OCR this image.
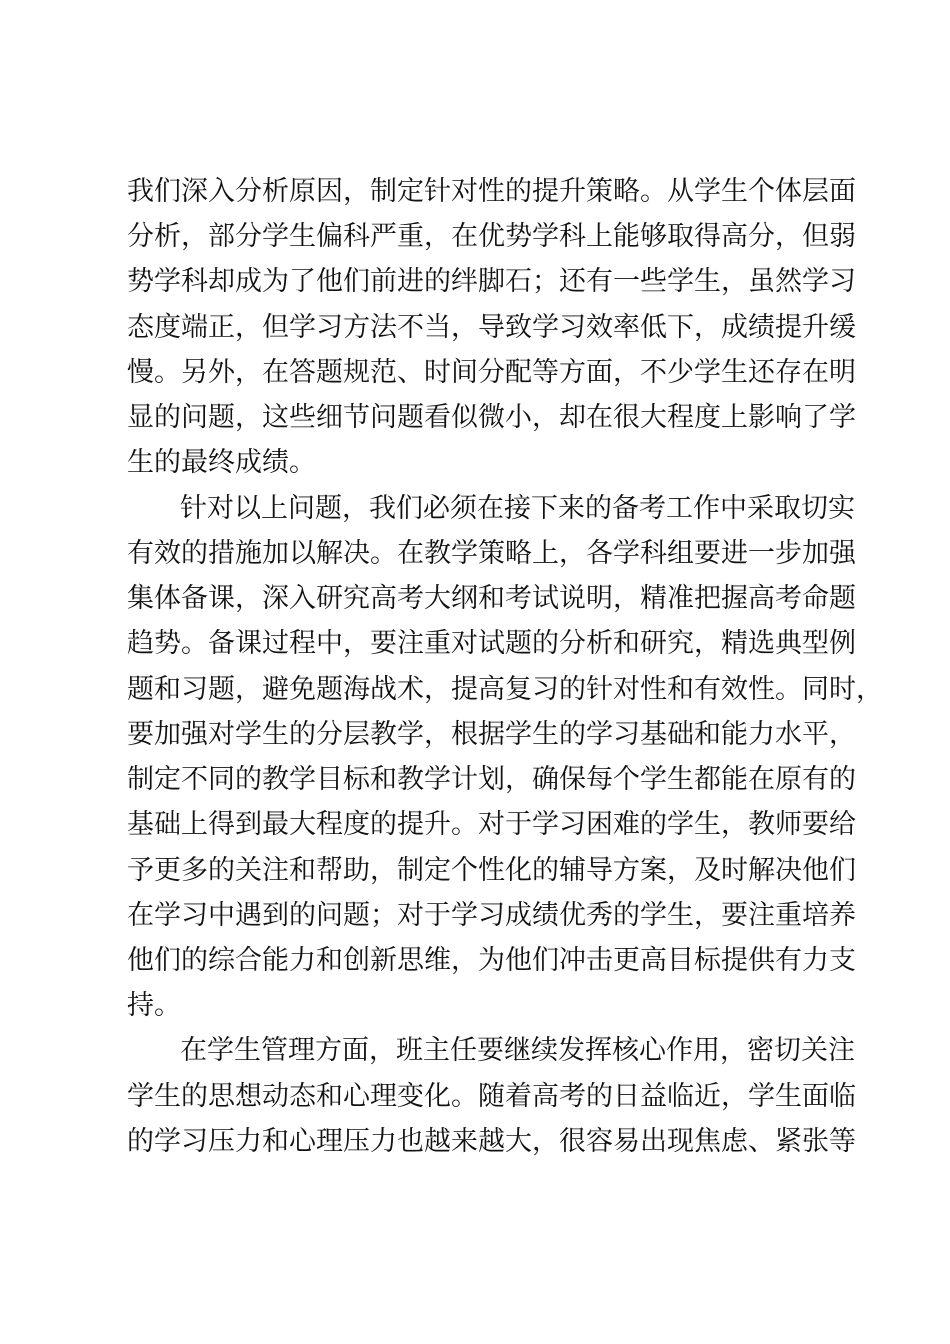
我们深入分析原因，制定针对性的提升策略。从学生个体层面
分析，部分学生偏科严重，在优势学科上能够取得高分，但弱
势学科却成为了他们前进的绊脚石；还有一些学生，虽然学习
态度端正，但学习方法不当，导致学习效率低下，成绩提升缓
慢。另外，在答题规范、时间分配等方面，不少学生还存在明
显的问题，这些细节问题看似微小，却在很大程度上影响了学
生的最终成绩。
针对以上问题，我们必须在接下来的备考工作中采取切实
有效的措施加以解决。在教学策略上，各学科组要进一步加强
集体备课，深入研究高考大纲和考试说明，精准把握高考命题
趋势。备课过程中，要注重对试题的分析和研究，精选典型例
题和习题，避免题海战术，提高复习的针对性和有效性。同时，
要加强对学生的分层教学，根据学生的学习基础和能力水平，
制定不同的教学目标和教学计划，确保每个学生都能在原有的
基础上得到最大程度的提升。对于学习困难的学生，教师要给
予更多的关注和帮助，制定个性化的辅导方案，及时解决他们
在学习中遇到的问题；对于学习成绩优秀的学生，要注重培养
他们的综合能力和创新思维，为他们冲击更高目标提供有力支
持。
在学生管理方面，班主任要继续发挥核心作用，密切关注
学生的思想动态和心理变化。随着高考的日益临近，学生面临
的学习压力和心理压力也越来越大，很容易出现焦虑、紧张等
